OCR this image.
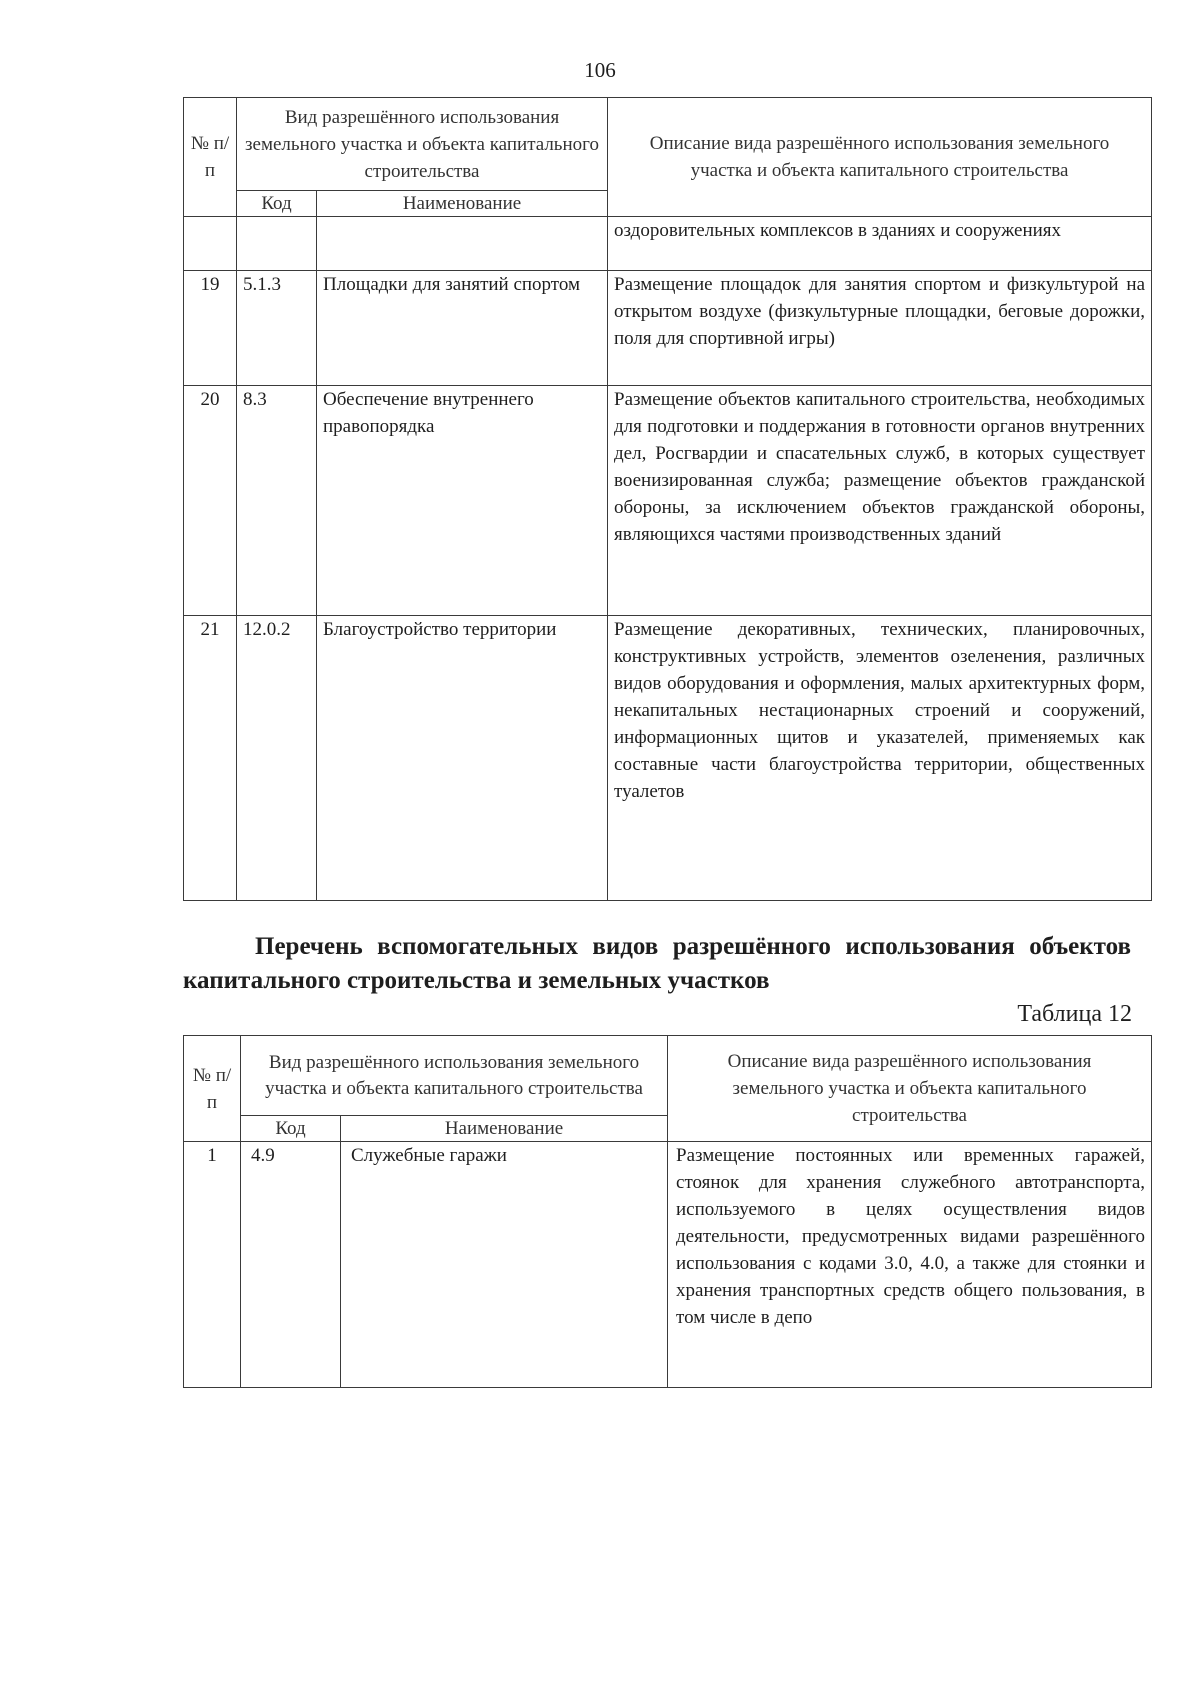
106
№ п/п	Вид разрешённого использования земельного участка и объекта капитального строительства		Описание вида разрешённого использования земельного участка и объекта капитального строительства
	Код	Наименование	
			оздоровительных комплексов в зданиях и сооружениях
19	5.1.3	Площадки для занятий спортом	Размещение площадок для занятия спортом и физкультурой на открытом воздухе (физкультурные площадки, беговые дорожки, поля для спортивной игры)
20	8.3	Обеспечение внутреннего правопорядка	Размещение объектов капитального строительства, необходимых для подготовки и поддержания в готовности органов внутренних дел, Росгвардии и спасательных служб, в которых существует военизированная служба; размещение объектов гражданской обороны, за исключением объектов гражданской обороны, являющихся частями производственных зданий
21	12.0.2	Благоустройство территории	Размещение декоративных, технических, планировочных, конструктивных устройств, элементов озеленения, различных видов оборудования и оформления, малых архитектурных форм, некапитальных нестационарных строений и сооружений, информационных щитов и указателей, применяемых как составные части благоустройства территории, общественных туалетов
Перечень вспомогательных видов разрешённого использования объектов капитального строительства и земельных участков
Таблица 12
№ п/п	Вид разрешённого использования земельного участка и объекта капитального строительства		Описание вида разрешённого использования земельного участка и объекта капитального строительства
	Код	Наименование	
1	4.9	Служебные гаражи	Размещение постоянных или временных гаражей, стоянок для хранения служебного автотранспорта, используемого в целях осуществления видов деятельности, предусмотренных видами разрешённого использования с кодами 3.0, 4.0, а также для стоянки и хранения транспортных средств общего пользования, в том числе в депо
